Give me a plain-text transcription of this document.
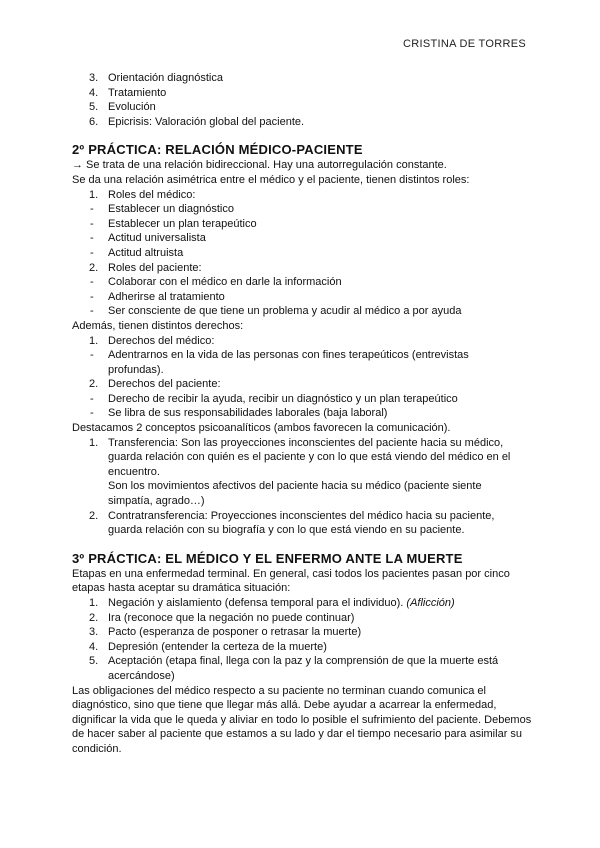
CRISTINA DE TORRES
3. Orientación diagnóstica
4. Tratamiento
5. Evolución
6. Epicrisis: Valoración global del paciente.
2º PRÁCTICA: RELACIÓN MÉDICO-PACIENTE
→ Se trata de una relación bidireccional. Hay una autorregulación constante.
Se da una relación asimétrica entre el médico y el paciente, tienen distintos roles:
1. Roles del médico:
- Establecer un diagnóstico
- Establecer un plan terapeútico
- Actitud universalista
- Actitud altruista
2. Roles del paciente:
- Colaborar con el médico en darle la información
- Adherirse al tratamiento
- Ser consciente de que tiene un problema y acudir al médico a por ayuda
Además, tienen distintos derechos:
1. Derechos del médico:
- Adentrarnos en la vida de las personas con fines terapeúticos (entrevistas profundas).
2. Derechos del paciente:
- Derecho de recibir la ayuda, recibir un diagnóstico y un plan terapeútico
- Se libra de sus responsabilidades laborales (baja laboral)
Destacamos 2 conceptos psicoanalíticos (ambos favorecen la comunicación).
1. Transferencia: Son las proyecciones inconscientes del paciente hacia su médico, guarda relación con quién es el paciente y con lo que está viendo del médico en el encuentro.
Son los movimientos afectivos del paciente hacia su médico (paciente siente simpatía, agrado…)
2. Contratransferencia: Proyecciones inconscientes del médico hacia su paciente, guarda relación con su biografía y con lo que está viendo en su paciente.
3º PRÁCTICA: EL MÉDICO Y EL ENFERMO ANTE LA MUERTE
Etapas en una enfermedad terminal. En general, casi todos los pacientes pasan por cinco etapas hasta aceptar su dramática situación:
1. Negación y aislamiento (defensa temporal para el individuo). (Aflicción)
2. Ira (reconoce que la negación no puede continuar)
3. Pacto (esperanza de posponer o retrasar la muerte)
4. Depresión (entender la certeza de la muerte)
5. Aceptación (etapa final, llega con la paz y la comprensión de que la muerte está acercándose)
Las obligaciones del médico respecto a su paciente no terminan cuando comunica el diagnóstico, sino que tiene que llegar más allá. Debe ayudar a acarrear la enfermedad, dignificar la vida que le queda y aliviar en todo lo posible el sufrimiento del paciente. Debemos de hacer saber al paciente que estamos a su lado y dar el tiempo necesario para asimilar su condición.
